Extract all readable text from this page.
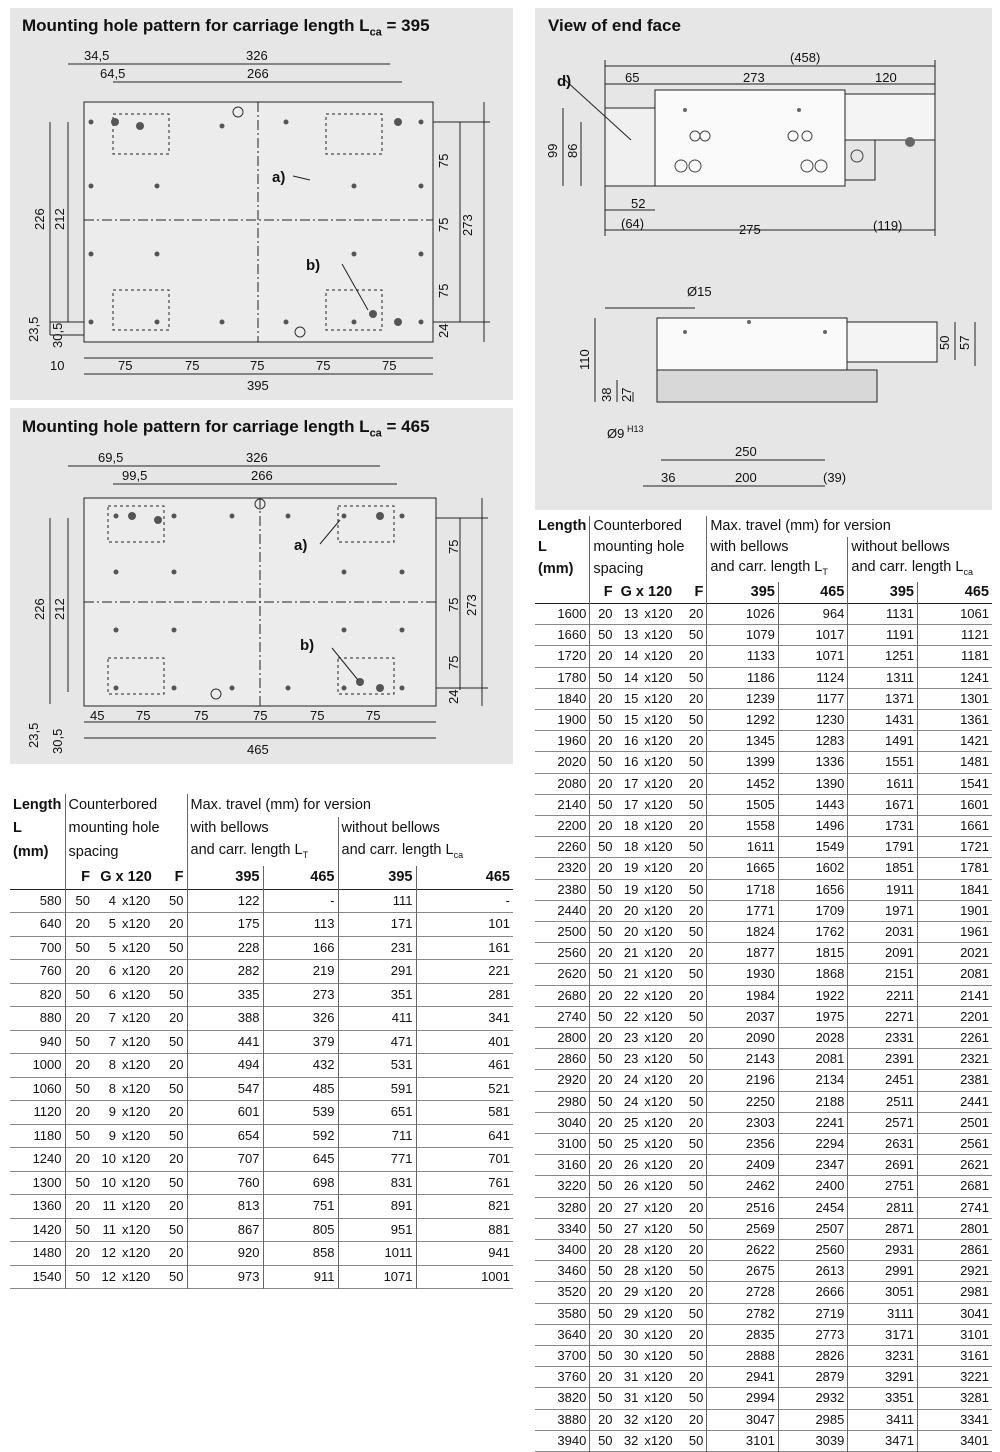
Mounting hole pattern for carriage length $L_{ca} = 395$
a)
b)
34,5	326
64,5	266
226 212
23,5 30,5
10
75
75
75
24
273
75	75	75	75	75
395
Mounting hole pattern for carriage length $L_{ca} = 465$
a)
b)
69,5	326
99,5	266
226 212
23,5 30,5
75
75
75
24
273
45 75	75	75	75	75
465
View of end face
d)
(458)
65	273	120
99 86
52
(64)	275	(119)
Ø15
110
38 27
50 57
Ø9 H13
250
36	200	(39)
Length	Counterbored				Max. travel (mm) for version			
L	mounting hole				with bellows		without bellows	
(mm)	spacing				and carr. length $L_T$		and carr. length $L_{ca}$
	F	G x 120		F	395	465	395	465
580	50	4	x120	50	122	-	111	-
640	20	5	x120	20	175	113	171	101
700	50	5	x120	50	228	166	231	161
760	20	6	x120	20	282	219	291	221
820	50	6	x120	50	335	273	351	281
880	20	7	x120	20	388	326	411	341
940	50	7	x120	50	441	379	471	401
1000	20	8	x120	20	494	432	531	461
1060	50	8	x120	50	547	485	591	521
1120	20	9	x120	20	601	539	651	581
1180	50	9	x120	50	654	592	711	641
1240	20	10	x120	20	707	645	771	701
1300	50	10	x120	50	760	698	831	761
1360	20	11	x120	20	813	751	891	821
1420	50	11	x120	50	867	805	951	881
1480	20	12	x120	20	920	858	1011	941
1540	50	12	x120	50	973	911	1071	1001
Length	Counterbored				Max. travel (mm) for version			
L	mounting hole				with bellows		without bellows	
(mm)	spacing				and carr. length $L_T$		and carr. length $L_{ca}$
	F	G x 120		F	395	465	395	465
1600	20	13	x120	20	1026	964	1131	1061
1660	50	13	x120	50	1079	1017	1191	1121
1720	20	14	x120	20	1133	1071	1251	1181
1780	50	14	x120	50	1186	1124	1311	1241
1840	20	15	x120	20	1239	1177	1371	1301
1900	50	15	x120	50	1292	1230	1431	1361
1960	20	16	x120	20	1345	1283	1491	1421
2020	50	16	x120	50	1399	1336	1551	1481
2080	20	17	x120	20	1452	1390	1611	1541
2140	50	17	x120	50	1505	1443	1671	1601
2200	20	18	x120	20	1558	1496	1731	1661
2260	50	18	x120	50	1611	1549	1791	1721
2320	20	19	x120	20	1665	1602	1851	1781
2380	50	19	x120	50	1718	1656	1911	1841
2440	20	20	x120	20	1771	1709	1971	1901
2500	50	20	x120	50	1824	1762	2031	1961
2560	20	21	x120	20	1877	1815	2091	2021
2620	50	21	x120	50	1930	1868	2151	2081
2680	20	22	x120	20	1984	1922	2211	2141
2740	50	22	x120	50	2037	1975	2271	2201
2800	20	23	x120	20	2090	2028	2331	2261
2860	50	23	x120	50	2143	2081	2391	2321
2920	20	24	x120	20	2196	2134	2451	2381
2980	50	24	x120	50	2250	2188	2511	2441
3040	20	25	x120	20	2303	2241	2571	2501
3100	50	25	x120	50	2356	2294	2631	2561
3160	20	26	x120	20	2409	2347	2691	2621
3220	50	26	x120	50	2462	2400	2751	2681
3280	20	27	x120	20	2516	2454	2811	2741
3340	50	27	x120	50	2569	2507	2871	2801
3400	20	28	x120	20	2622	2560	2931	2861
3460	50	28	x120	50	2675	2613	2991	2921
3520	20	29	x120	20	2728	2666	3051	2981
3580	50	29	x120	50	2782	2719	3111	3041
3640	20	30	x120	20	2835	2773	3171	3101
3700	50	30	x120	50	2888	2826	3231	3161
3760	20	31	x120	20	2941	2879	3291	3221
3820	50	31	x120	50	2994	2932	3351	3281
3880	20	32	x120	20	3047	2985	3411	3341
3940	50	32	x120	50	3101	3039	3471	3401
